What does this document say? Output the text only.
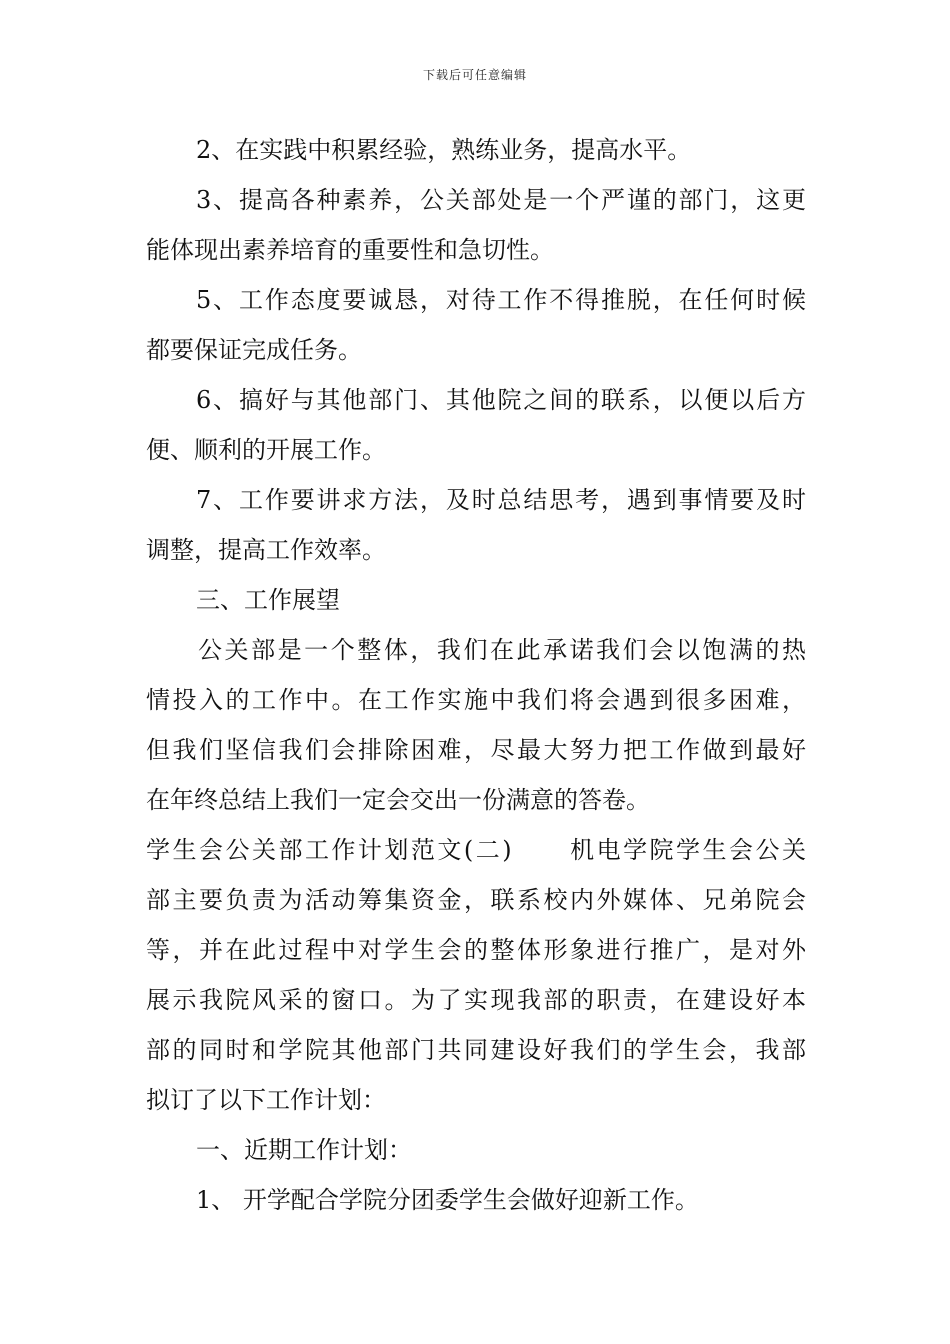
下载后可任意编辑
2、在实践中积累经验，熟练业务，提高水平。
3、提高各种素养，公关部处是一个严谨的部门，这更
能体现出素养培育的重要性和急切性。
5、工作态度要诚恳，对待工作不得推脱，在任何时候
都要保证完成任务。
6、搞好与其他部门、其他院之间的联系，以便以后方
便、顺利的开展工作。
7、工作要讲求方法，及时总结思考，遇到事情要及时
调整，提高工作效率。
三、工作展望
公关部是一个整体，我们在此承诺我们会以饱满的热
情投入的工作中。在工作实施中我们将会遇到很多困难，
但我们坚信我们会排除困难，尽最大努力把工作做到最好
在年终总结上我们一定会交出一份满意的答卷。
学生会公关部工作计划范文(二) 机电学院学生会公关
部主要负责为活动筹集资金，联系校内外媒体、兄弟院会
等，并在此过程中对学生会的整体形象进行推广，是对外
展示我院风采的窗口。为了实现我部的职责，在建设好本
部的同时和学院其他部门共同建设好我们的学生会，我部
拟订了以下工作计划：
一、近期工作计划：
1、 开学配合学院分团委学生会做好迎新工作。
